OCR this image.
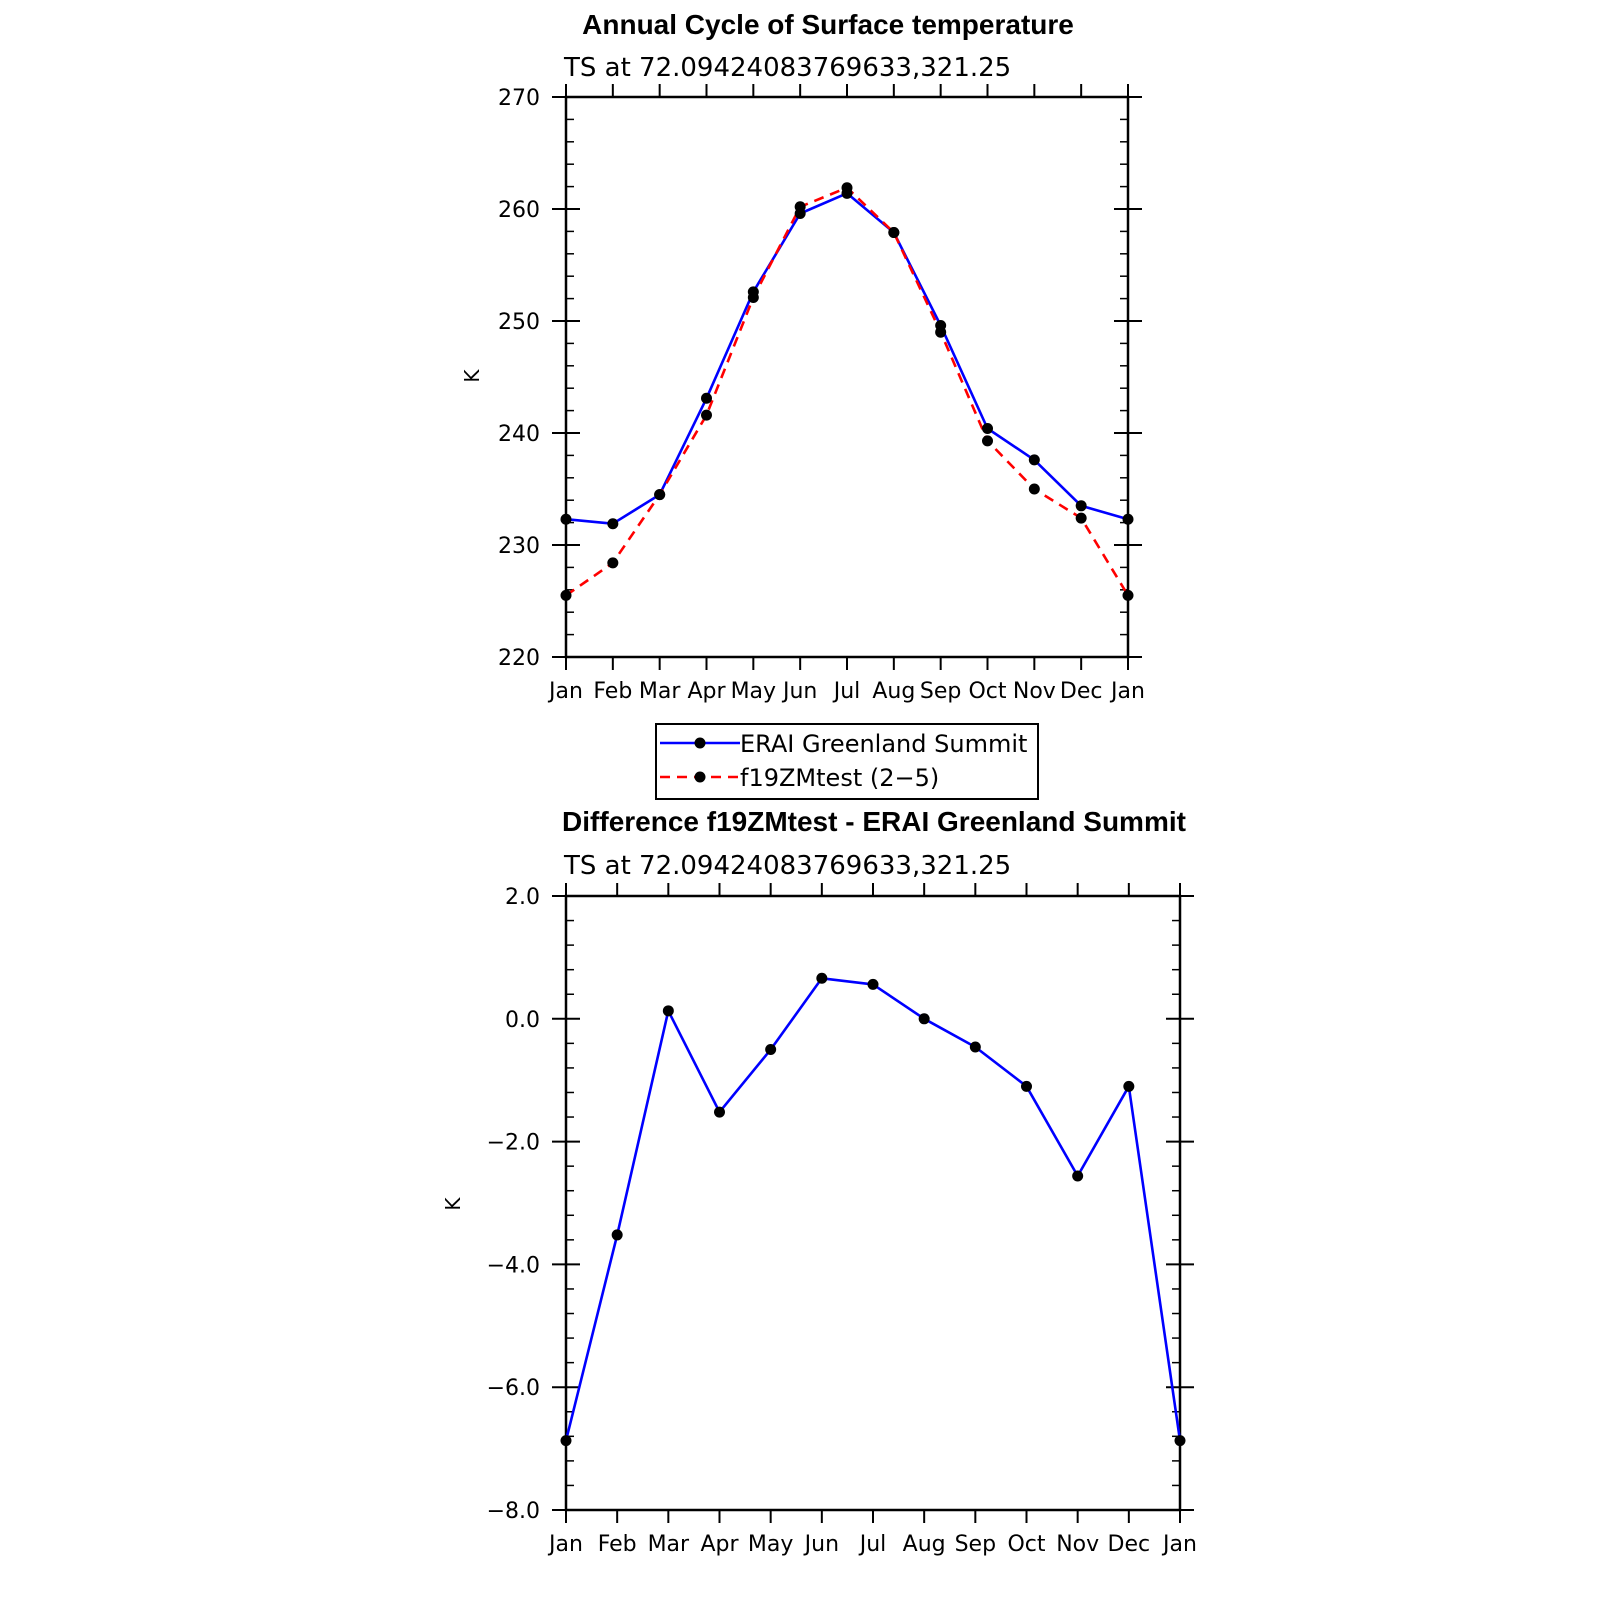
Annual Cycle of Surface temperature
TS at 72.09424083769633,321.25
K
Jan Feb Mar Apr May Jun Jul Aug Sep Oct Nov Dec Jan
220
230
240
250
260
270
ERAI Greenland Summit
f19ZMtest (2−5)
Difference f19ZMtest - ERAI Greenland Summit
TS at 72.09424083769633,321.25
K
Jan Feb Mar Apr May Jun Jul Aug Sep Oct Nov Dec Jan
−8.0
−6.0
−4.0
−2.0
0.0
2.0
